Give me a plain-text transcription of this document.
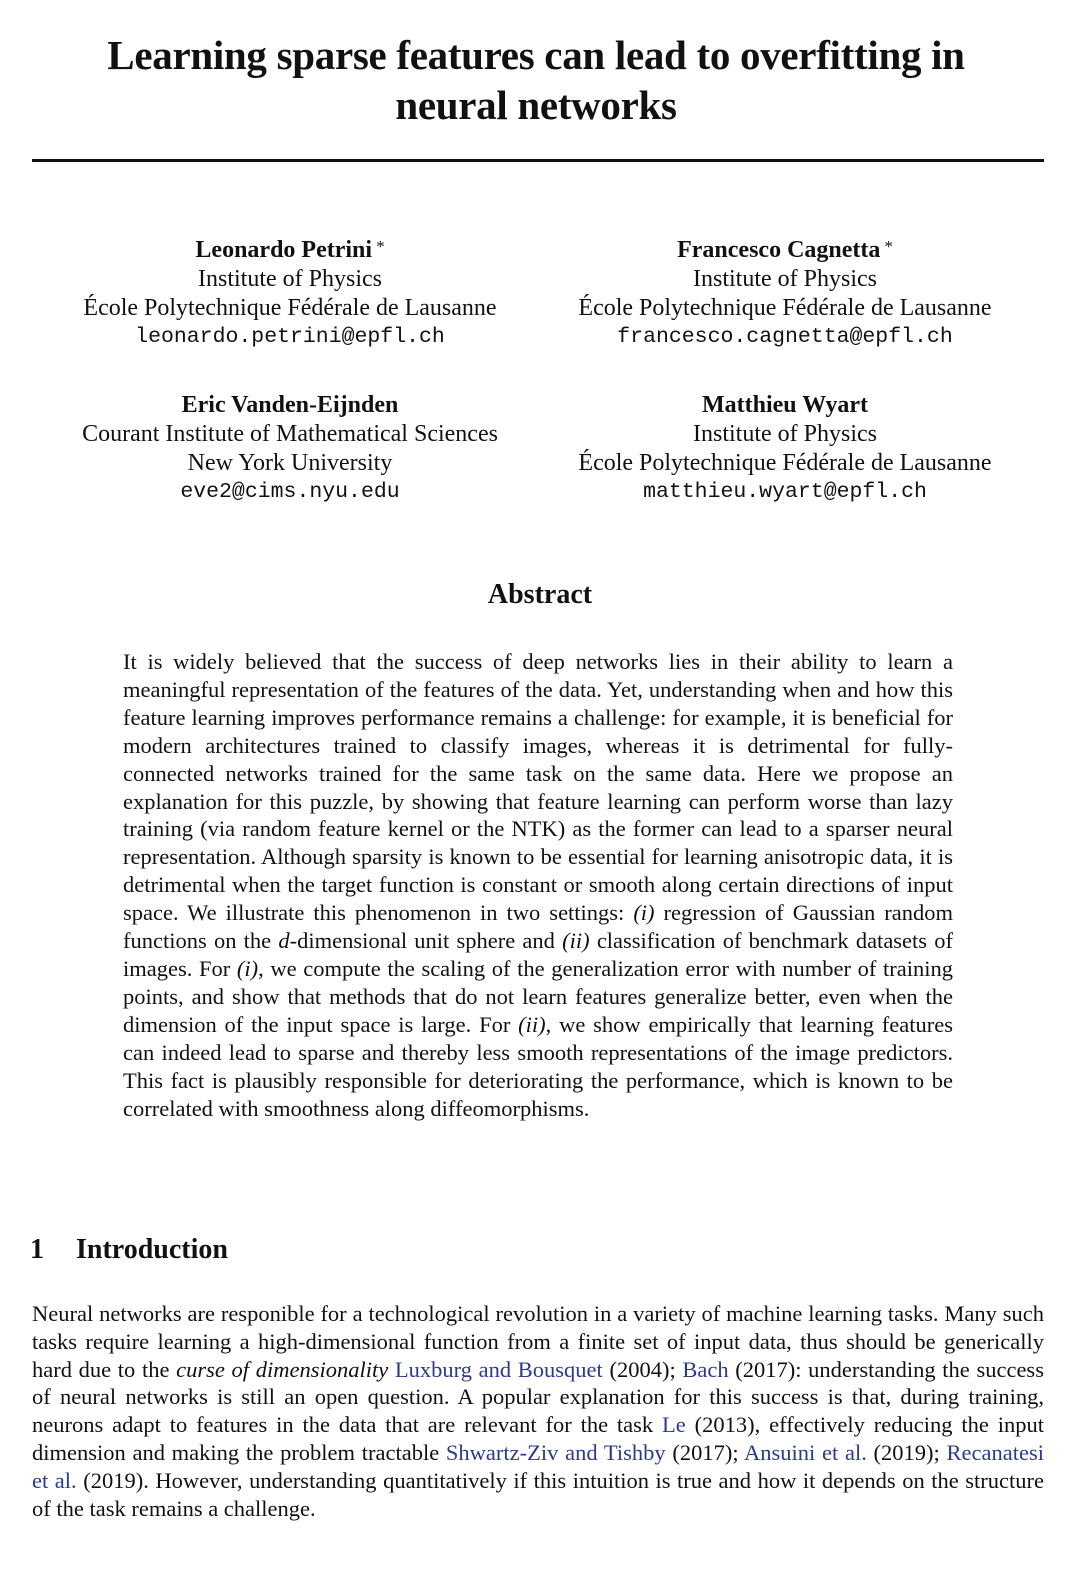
Learning sparse features can lead to overfitting in
neural networks
Leonardo Petrini *
Institute of Physics
École Polytechnique Fédérale de Lausanne
leonardo.petrini@epfl.ch
Francesco Cagnetta *
Institute of Physics
École Polytechnique Fédérale de Lausanne
francesco.cagnetta@epfl.ch
Eric Vanden-Eijnden
Courant Institute of Mathematical Sciences
New York University
eve2@cims.nyu.edu
Matthieu Wyart
Institute of Physics
École Polytechnique Fédérale de Lausanne
matthieu.wyart@epfl.ch
Abstract
It is widely believed that the success of deep networks lies in their ability to learn a meaningful representation of the features of the data. Yet, understanding when and how this feature learning improves performance remains a challenge: for example, it is beneficial for modern architectures trained to classify images, whereas it is detrimental for fully-connected networks trained for the same task on the same data. Here we propose an explanation for this puzzle, by showing that feature learning can perform worse than lazy training (via random feature kernel or the NTK) as the former can lead to a sparser neural representation. Although sparsity is known to be essential for learning anisotropic data, it is detrimental when the target function is constant or smooth along certain directions of input space. We illustrate this phenomenon in two settings: (i) regression of Gaussian random functions on the d-dimensional unit sphere and (ii) classification of benchmark datasets of images. For (i), we compute the scaling of the generalization error with number of training points, and show that methods that do not learn features generalize better, even when the dimension of the input space is large. For (ii), we show empirically that learning features can indeed lead to sparse and thereby less smooth representations of the image predictors. This fact is plausibly responsible for deteriorating the performance, which is known to be correlated with smoothness along diffeomorphisms.
1 Introduction
Neural networks are responible for a technological revolution in a variety of machine learning tasks. Many such tasks require learning a high-dimensional function from a finite set of input data, thus should be generically hard due to the curse of dimensionality Luxburg and Bousquet (2004); Bach (2017): understanding the success of neural networks is still an open question. A popular explanation for this success is that, during training, neurons adapt to features in the data that are relevant for the task Le (2013), effectively reducing the input dimension and making the problem tractable Shwartz-Ziv and Tishby (2017); Ansuini et al. (2019); Recanatesi et al. (2019). However, understanding quantitatively if this intuition is true and how it depends on the structure of the task remains a challenge.
